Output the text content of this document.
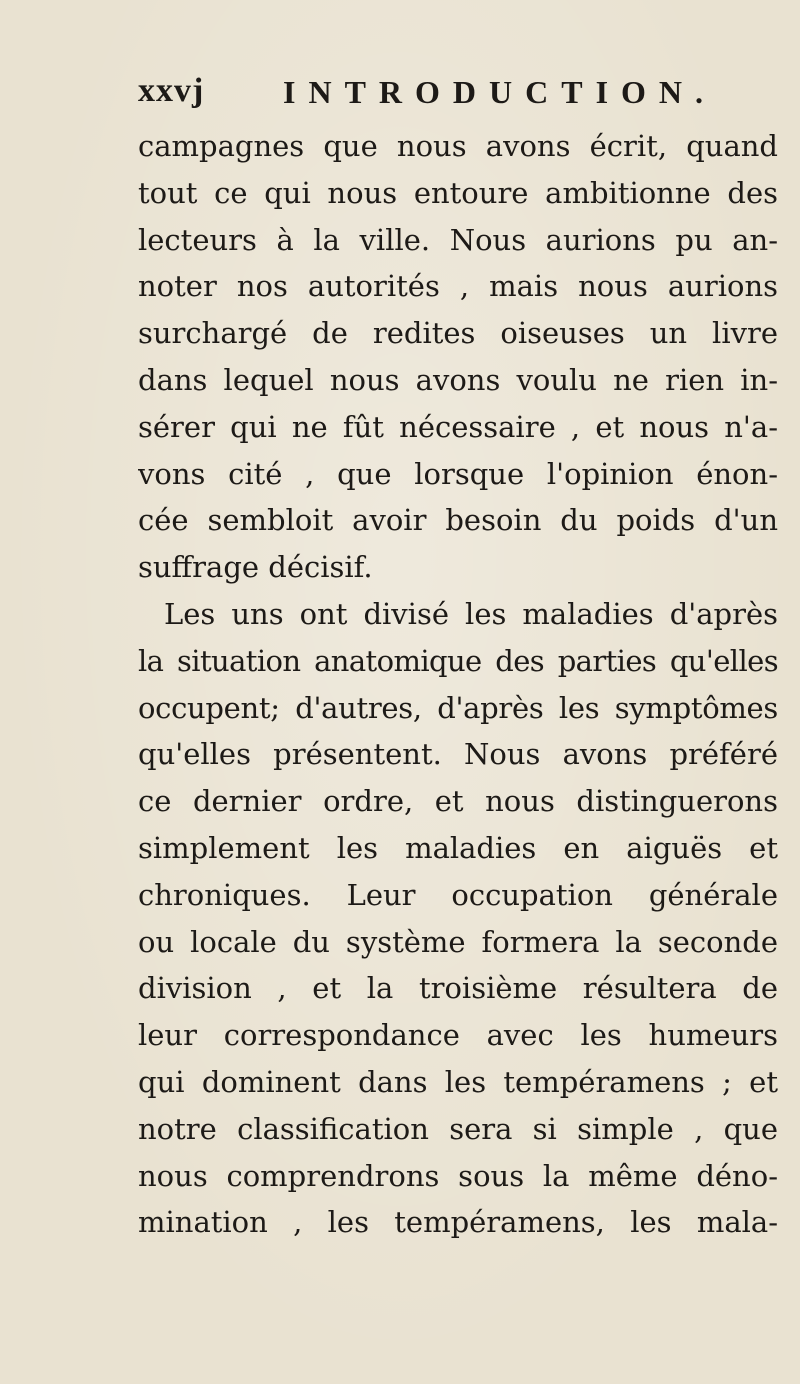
xxvj INTRODUCTION.
campagnes que nous avons écrit, quand
tout ce qui nous entoure ambitionne des
lecteurs à la ville. Nous aurions pu an-
noter nos autorités , mais nous aurions
surchargé de redites oiseuses un livre
dans lequel nous avons voulu ne rien in-
sérer qui ne fût nécessaire , et nous n'a-
vons cité , que lorsque l'opinion énon-
cée sembloit avoir besoin du poids d'un
suffrage décisif.
Les uns ont divisé les maladies d'après
la situation anatomique des parties qu'elles
occupent; d'autres, d'après les symptômes
qu'elles présentent. Nous avons préféré
ce dernier ordre, et nous distinguerons
simplement les maladies en aiguës et
chroniques. Leur occupation générale
ou locale du système formera la seconde
division , et la troisième résultera de
leur correspondance avec les humeurs
qui dominent dans les tempéramens ; et
notre classification sera si simple , que
nous comprendrons sous la même déno-
mination , les tempéramens, les mala-
